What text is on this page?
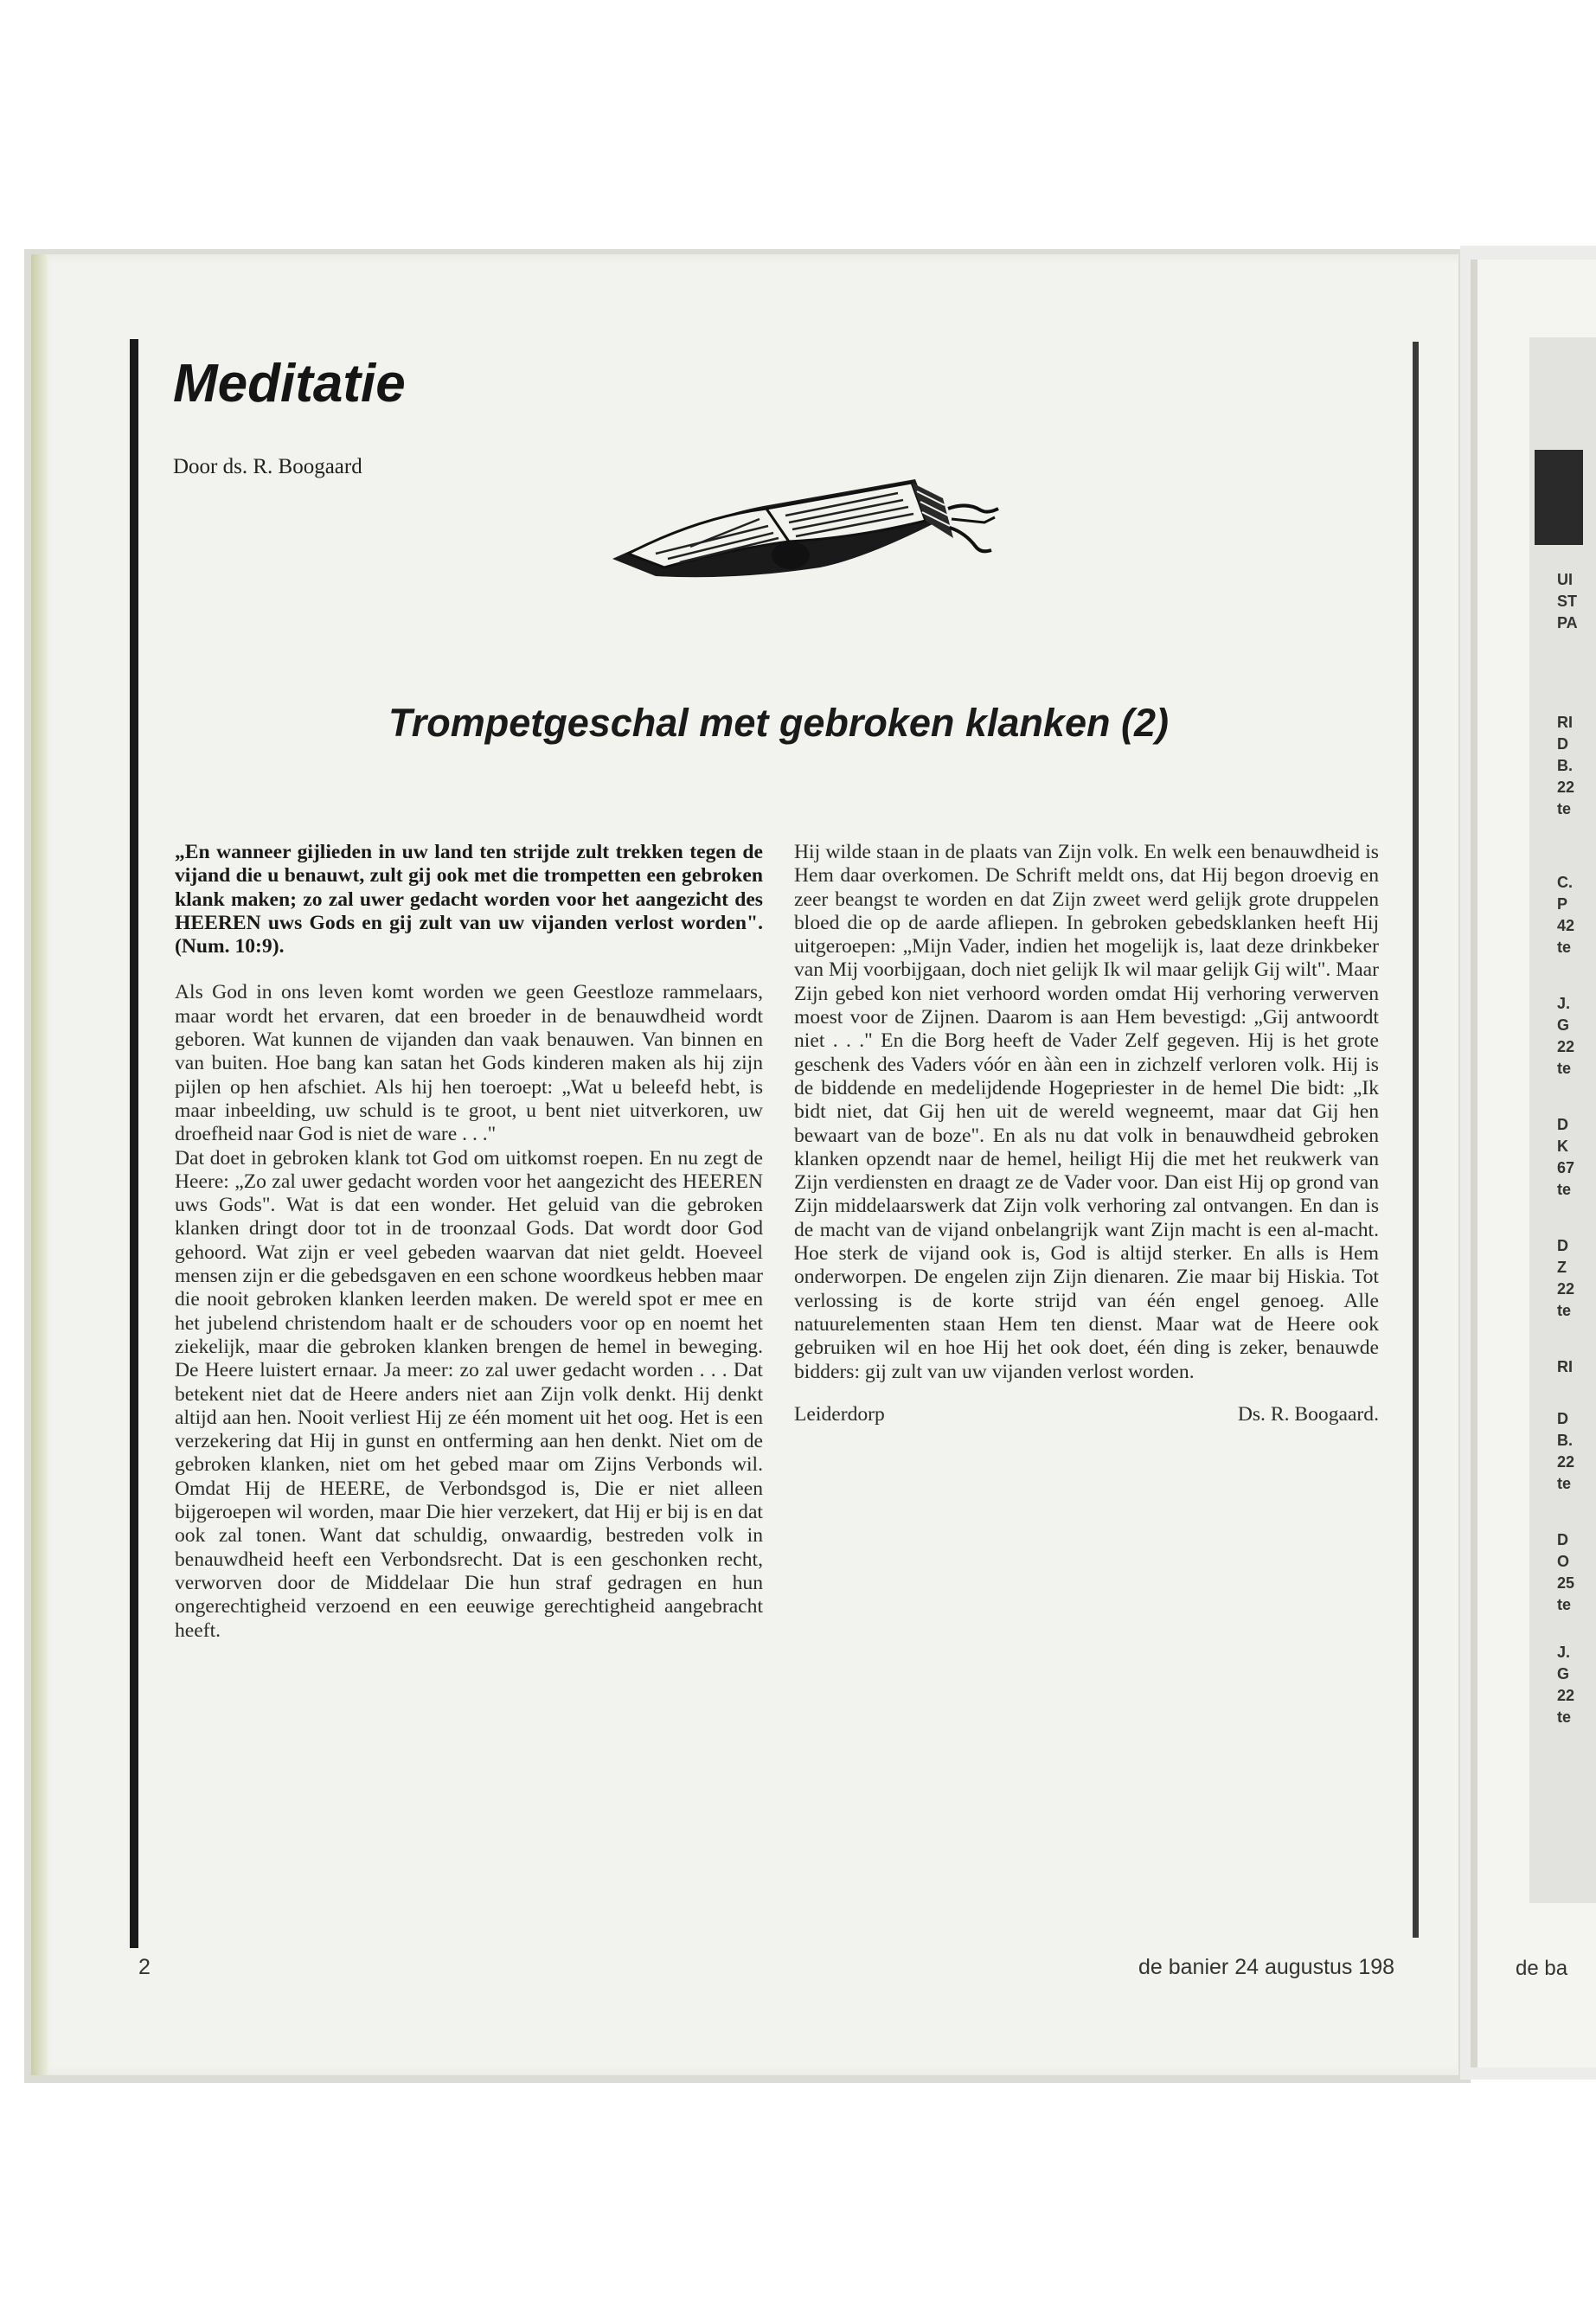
UI
ST
PA
RI
D
B.
22
te
C.
P
42
te
J.
G
22
te
D
K
67
te
D
Z
22
te
RI
D
B.
22
te
D
O
25
te
J.
G
22
te
de ba
Meditatie
Door ds. R. Boogaard
Trompetgeschal met gebroken klanken (2)

„En wanneer gijlieden in uw land ten strijde zult trekken tegen de vijand die u benauwt, zult gij ook met die trompetten een gebroken klank maken; zo zal uwer gedacht worden voor het aangezicht des HEEREN uws Gods en gij zult van uw vijanden verlost worden". (Num. 10:9).

Als God in ons leven komt worden we geen Geestloze rammelaars, maar wordt het ervaren, dat een broeder in de benauwdheid wordt geboren. Wat kunnen de vijanden dan vaak benauwen. Van binnen en van buiten. Hoe bang kan satan het Gods kinderen maken als hij zijn pijlen op hen afschiet. Als hij hen toeroept: „Wat u beleefd hebt, is maar inbeelding, uw schuld is te groot, u bent niet uitverkoren, uw droefheid naar God is niet de ware . . ."

Dat doet in gebroken klank tot God om uitkomst roepen. En nu zegt de Heere: „Zo zal uwer gedacht worden voor het aangezicht des HEEREN uws Gods". Wat is dat een wonder. Het geluid van die gebroken klanken dringt door tot in de troonzaal Gods. Dat wordt door God gehoord. Wat zijn er veel gebeden waarvan dat niet geldt. Hoeveel mensen zijn er die gebedsgaven en een schone woordkeus hebben maar die nooit gebroken klanken leerden maken. De wereld spot er mee en het jubelend christendom haalt er de schouders voor op en noemt het ziekelijk, maar die gebroken klanken brengen de hemel in beweging. De Heere luistert ernaar. Ja meer: zo zal uwer gedacht worden . . . Dat betekent niet dat de Heere anders niet aan Zijn volk denkt. Hij denkt altijd aan hen. Nooit verliest Hij ze één moment uit het oog. Het is een verzekering dat Hij in gunst en ontferming aan hen denkt. Niet om de gebroken klanken, niet om het gebed maar om Zijns Verbonds wil. Omdat Hij de HEERE, de Verbondsgod is, Die er niet alleen bijgeroepen wil worden, maar Die hier verzekert, dat Hij er bij is en dat ook zal tonen. Want dat schuldig, onwaardig, bestreden volk in benauwdheid heeft een Verbondsrecht. Dat is een geschonken recht, verworven door de Middelaar Die hun straf gedragen en hun ongerechtigheid verzoend en een eeuwige gerechtigheid aangebracht heeft.

Hij wilde staan in de plaats van Zijn volk. En welk een benauwdheid is Hem daar overkomen. De Schrift meldt ons, dat Hij begon droevig en zeer beangst te worden en dat Zijn zweet werd gelijk grote druppelen bloed die op de aarde afliepen. In gebroken gebedsklanken heeft Hij uitgeroepen: „Mijn Vader, indien het mogelijk is, laat deze drinkbeker van Mij voorbijgaan, doch niet gelijk Ik wil maar gelijk Gij wilt". Maar Zijn gebed kon niet verhoord worden omdat Hij verhoring verwerven moest voor de Zijnen. Daarom is aan Hem bevestigd: „Gij antwoordt niet . . ." En die Borg heeft de Vader Zelf gegeven. Hij is het grote geschenk des Vaders vóór en ààn een in zichzelf verloren volk. Hij is de biddende en medelijdende Hogepriester in de hemel Die bidt: „Ik bidt niet, dat Gij hen uit de wereld wegneemt, maar dat Gij hen bewaart van de boze". En als nu dat volk in benauwdheid gebroken klanken opzendt naar de hemel, heiligt Hij die met het reukwerk van Zijn verdiensten en draagt ze de Vader voor. Dan eist Hij op grond van Zijn middelaarswerk dat Zijn volk verhoring zal ontvangen. En dan is de macht van de vijand onbelangrijk want Zijn macht is een al-macht. Hoe sterk de vijand ook is, God is altijd sterker. En alls is Hem onderworpen. De engelen zijn Zijn dienaren. Zie maar bij Hiskia. Tot verlossing is de korte strijd van één engel genoeg. Alle natuurelementen staan Hem ten dienst. Maar wat de Heere ook gebruiken wil en hoe Hij het ook doet, één ding is zeker, benauwde bidders: gij zult van uw vijanden verlost worden.

Leiderdorp	Ds. R. Boogaard.

2	de banier 24 augustus 198
